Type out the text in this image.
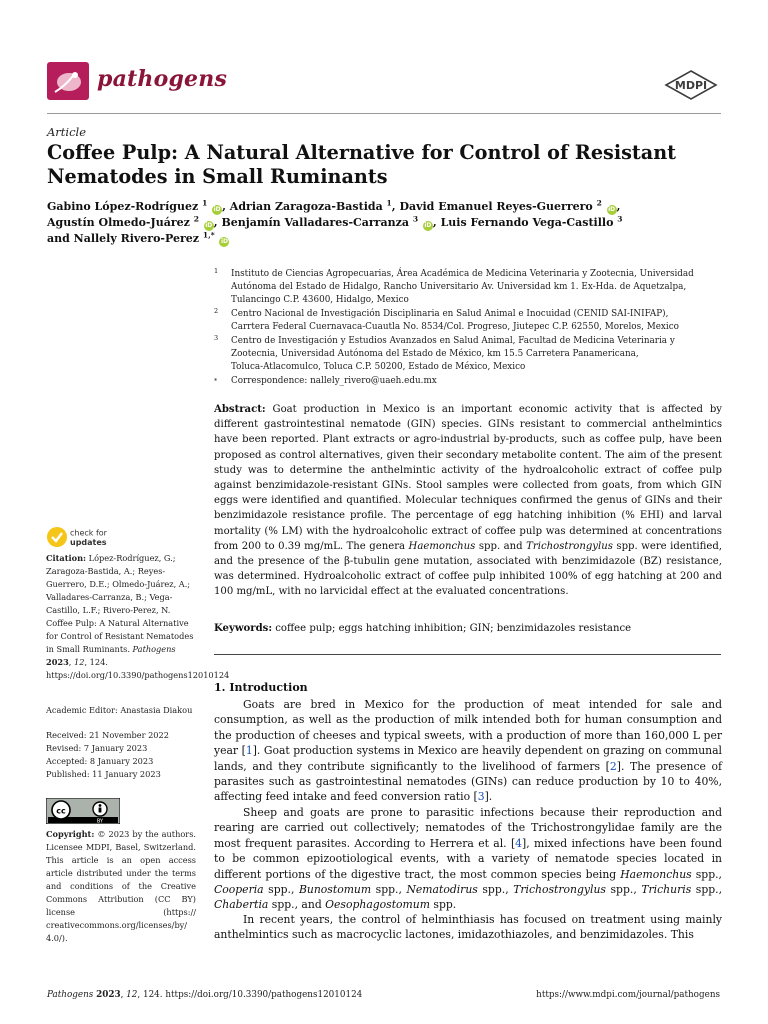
pathogens	MDPI
Article
Coffee Pulp: A Natural Alternative for Control of Resistant
Nematodes in Small Ruminants
Gabino López-Rodríguez $^1$ iD, Adrian Zaragoza-Bastida $^1$, David Emanuel Reyes-Guerrero $^2$ iD,
Agustín Olmedo-Juárez $^2$ iD, Benjamín Valladares-Carranza $^3$ iD, Luis Fernando Vega-Castillo $^3$
and Nallely Rivero-Perez $^{1,*}$ iD
1 Instituto de Ciencias Agropecuarias, Área Académica de Medicina Veterinaria y Zootecnia, Universidad
Autónoma del Estado de Hidalgo, Rancho Universitario Av. Universidad km 1. Ex-Hda. de Aquetzalpa,
Tulancingo C.P. 43600, Hidalgo, Mexico
2 Centro Nacional de Investigación Disciplinaria en Salud Animal e Inocuidad (CENID SAI-INIFAP),
Carrtera Federal Cuernavaca-Cuautla No. 8534/Col. Progreso, Jiutepec C.P. 62550, Morelos, Mexico
3 Centro de Investigación y Estudios Avanzados en Salud Animal, Facultad de Medicina Veterinaria y
Zootecnia, Universidad Autónoma del Estado de México, km 15.5 Carretera Panamericana,
Toluca-Atlacomulco, Toluca C.P. 50200, Estado de México, Mexico
* Correspondence: nallely_rivero@uaeh.edu.mx
Abstract: Goat production in Mexico is an important economic activity that is affected by different gastrointestinal nematode (GIN) species. GINs resistant to commercial anthelmintics have been reported. Plant extracts or agro-industrial by-products, such as coffee pulp, have been proposed as control alternatives, given their secondary metabolite content. The aim of the present study was to determine the anthelmintic activity of the hydroalcoholic extract of coffee pulp against benzimidazole-resistant GINs. Stool samples were collected from goats, from which GIN eggs were identified and quantified. Molecular techniques confirmed the genus of GINs and their benzimidazole resistance profile. The percentage of egg hatching inhibition (% EHI) and larval mortality (% LM) with the hydroalcoholic extract of coffee pulp was determined at concentrations from 200 to 0.39 mg/mL. The genera Haemonchus spp. and Trichostrongylus spp. were identified, and the presence of the β-tubulin gene mutation, associated with benzimidazole (BZ) resistance, was determined. Hydroalcoholic extract of coffee pulp inhibited 100% of egg hatching at 200 and 100 mg/mL, with no larvicidal effect at the evaluated concentrations.
Keywords: coffee pulp; eggs hatching inhibition; GIN; benzimidazoles resistance
check for
updates
Citation: López-Rodríguez, G.; Zaragoza-Bastida, A.; Reyes-Guerrero, D.E.; Olmedo-Juárez, A.; Valladares-Carranza, B.; Vega-Castillo, L.F.; Rivero-Perez, N. Coffee Pulp: A Natural Alternative for Control of Resistant Nematodes in Small Ruminants. Pathogens 2023, 12, 124. https://doi.org/10.3390/pathogens12010124
Academic Editor: Anastasia Diakou
Received: 21 November 2022
Revised: 7 January 2023
Accepted: 8 January 2023
Published: 11 January 2023
cc
BY
Copyright: © 2023 by the authors. Licensee MDPI, Basel, Switzerland. This article is an open access article distributed under the terms and conditions of the Creative Commons Attribution (CC BY) license (https:// creativecommons.org/licenses/by/ 4.0/).
1. Introduction
Goats are bred in Mexico for the production of meat intended for sale and consumption, as well as the production of milk intended both for human consumption and the production of cheeses and typical sweets, with a production of more than 160,000 L per year [1]. Goat production systems in Mexico are heavily dependent on grazing on communal lands, and they contribute significantly to the livelihood of farmers [2]. The presence of parasites such as gastrointestinal nematodes (GINs) can reduce production by 10 to 40%, affecting feed intake and feed conversion ratio [3].
Sheep and goats are prone to parasitic infections because their reproduction and rearing are carried out collectively; nematodes of the Trichostrongylidae family are the most frequent parasites. According to Herrera et al. [4], mixed infections have been found to be common epizootiological events, with a variety of nematode species located in different portions of the digestive tract, the most common species being Haemonchus spp., Cooperia spp., Bunostomum spp., Nematodirus spp., Trichostrongylus spp., Trichuris spp., Chabertia spp., and Oesophagostomum spp.
In recent years, the control of helminthiasis has focused on treatment using mainly anthelmintics such as macrocyclic lactones, imidazothiazoles, and benzimidazoles. This
Pathogens 2023, 12, 124. https://doi.org/10.3390/pathogens12010124	https://www.mdpi.com/journal/pathogens
